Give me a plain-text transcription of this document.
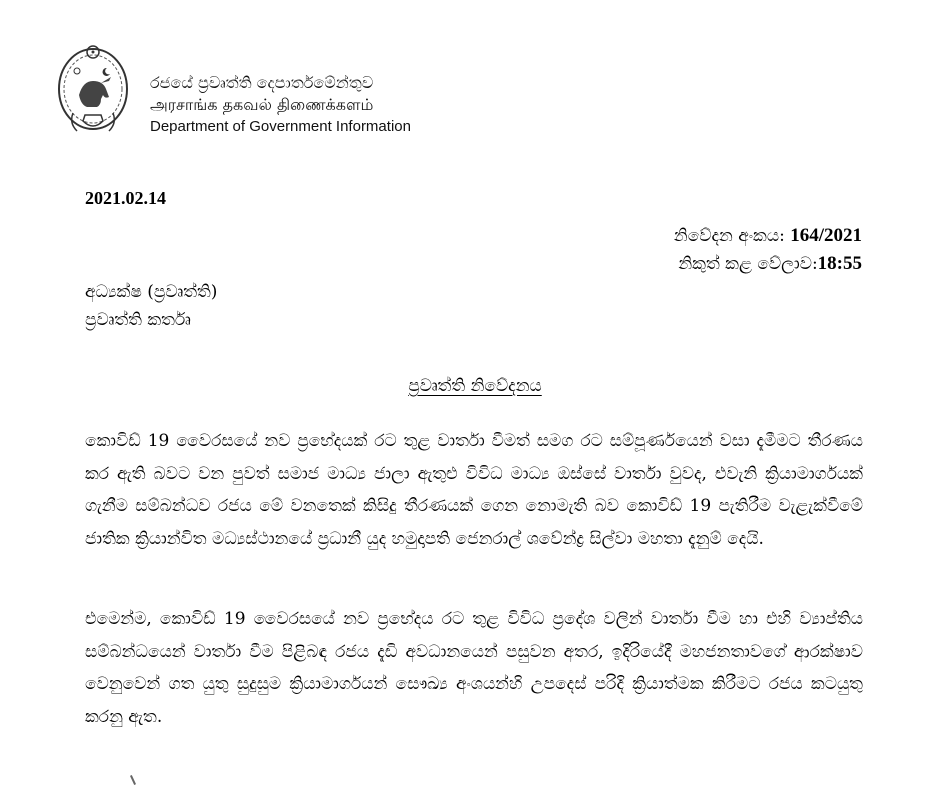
රජයේ ප්‍රවෘත්ති දෙපාර්තමේන්තුව
அரசாங்க தகவல் திணைக்களம்
Department of Government Information
2021.02.14
නිවේදන අංකය: 164/2021
නිකුත් කළ වේලාව:18:55
අධ්‍යක්ෂ (ප්‍රවෘත්ති)
ප්‍රවෘත්ති කර්තෘ
ප්‍රවෘත්ති නිවේදනය
කොවිඩ් 19 වෛරසයේ නව ප්‍රභේදයක් රට තුළ වාර්තා වීමත් සමග රට සම්පූර්ණයෙන් වසා දැමීමට තීරණය කර ඇති බවට වන පුවත් සමාජ මාධ්‍ය ජාලා ඇතුළු විවිධ මාධ්‍ය ඔස්සේ වාර්තා වුවද, එවැනි ක්‍රියාමාර්ගයක් ගැනීම සම්බන්ධව රජය මේ වනතෙක් කිසිදු තීරණයක් ගෙන නොමැති බව කොවිඩ් 19 පැතිරීම වැළැක්වීමේ ජාතික ක්‍රියාන්විත මධ්‍යස්ථානයේ ප්‍රධානී යුද හමුදාපති ජෙනරාල් ශවේන්ද්‍ර සිල්වා මහතා දැනුම් දෙයි.
එමෙන්ම, කොවිඩ් 19 වෛරසයේ නව ප්‍රභේදය රට තුළ විවිධ ප්‍රදේශ වලින් වාර්තා වීම හා එහි ව්‍යාප්තිය සම්බන්ධයෙන් වාර්තා වීම පිළිබඳ රජය දැඩි අවධානයෙන් පසුවන අතර, ඉදිරියේදී මහජනතාවගේ ආරක්ෂාව වෙනුවෙන් ගත යුතු සුදුසුම ක්‍රියාමාර්ගයන් සෞඛ්‍ය අංශයන්හි උපදෙස් පරිදි ක්‍රියාත්මක කිරීමට රජය කටයුතු කරනු ඇත.
